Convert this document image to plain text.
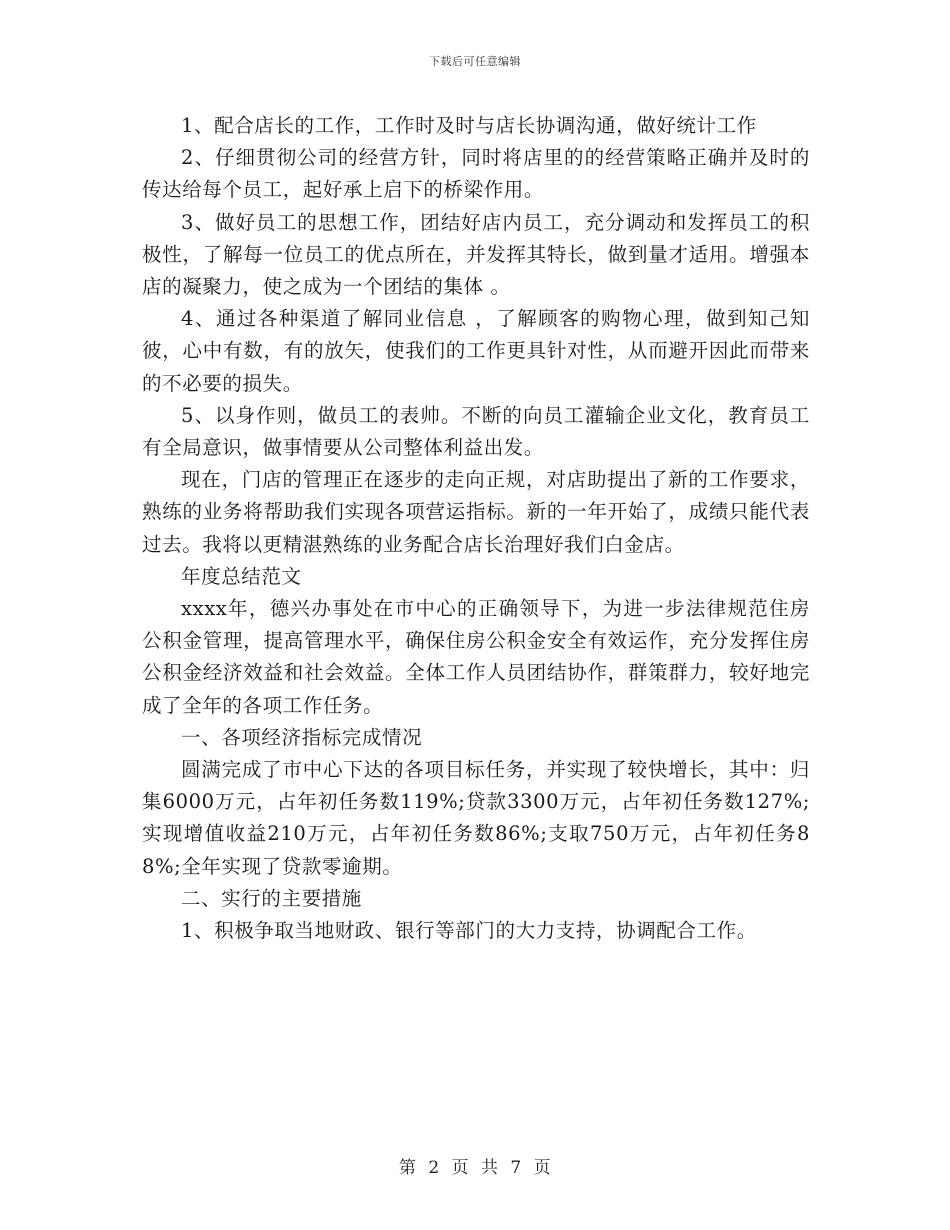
下载后可任意编辑

1、配合店长的工作，工作时及时与店长协调沟通，做好统计工作

2、仔细贯彻公司的经营方针，同时将店里的的经营策略正确并及时的传达给每个员工，起好承上启下的桥梁作用。

3、做好员工的思想工作，团结好店内员工，充分调动和发挥员工的积极性，了解每一位员工的优点所在，并发挥其特长，做到量才适用。增强本店的凝聚力，使之成为一个团结的集体 。

4、通过各种渠道了解同业信息 ，了解顾客的购物心理，做到知己知彼，心中有数，有的放矢，使我们的工作更具针对性，从而避开因此而带来的不必要的损失。

5、以身作则，做员工的表帅。不断的向员工灌输企业文化，教育员工有全局意识，做事情要从公司整体利益出发。

现在，门店的管理正在逐步的走向正规，对店助提出了新的工作要求，熟练的业务将帮助我们实现各项营运指标。新的一年开始了，成绩只能代表过去。我将以更精湛熟练的业务配合店长治理好我们白金店。

年度总结范文

xxxx年，德兴办事处在市中心的正确领导下，为进一步法律规范住房公积金管理，提高管理水平，确保住房公积金安全有效运作，充分发挥住房公积金经济效益和社会效益。全体工作人员团结协作，群策群力，较好地完成了全年的各项工作任务。

一、各项经济指标完成情况

圆满完成了市中心下达的各项目标任务，并实现了较快增长，其中：归集6000万元，占年初任务数119%;贷款3300万元，占年初任务数127%;实现增值收益210万元，占年初任务数86%;支取750万元，占年初任务88%;全年实现了贷款零逾期。

二、实行的主要措施

1、积极争取当地财政、银行等部门的大力支持，协调配合工作。

第 2 页 共 7 页
